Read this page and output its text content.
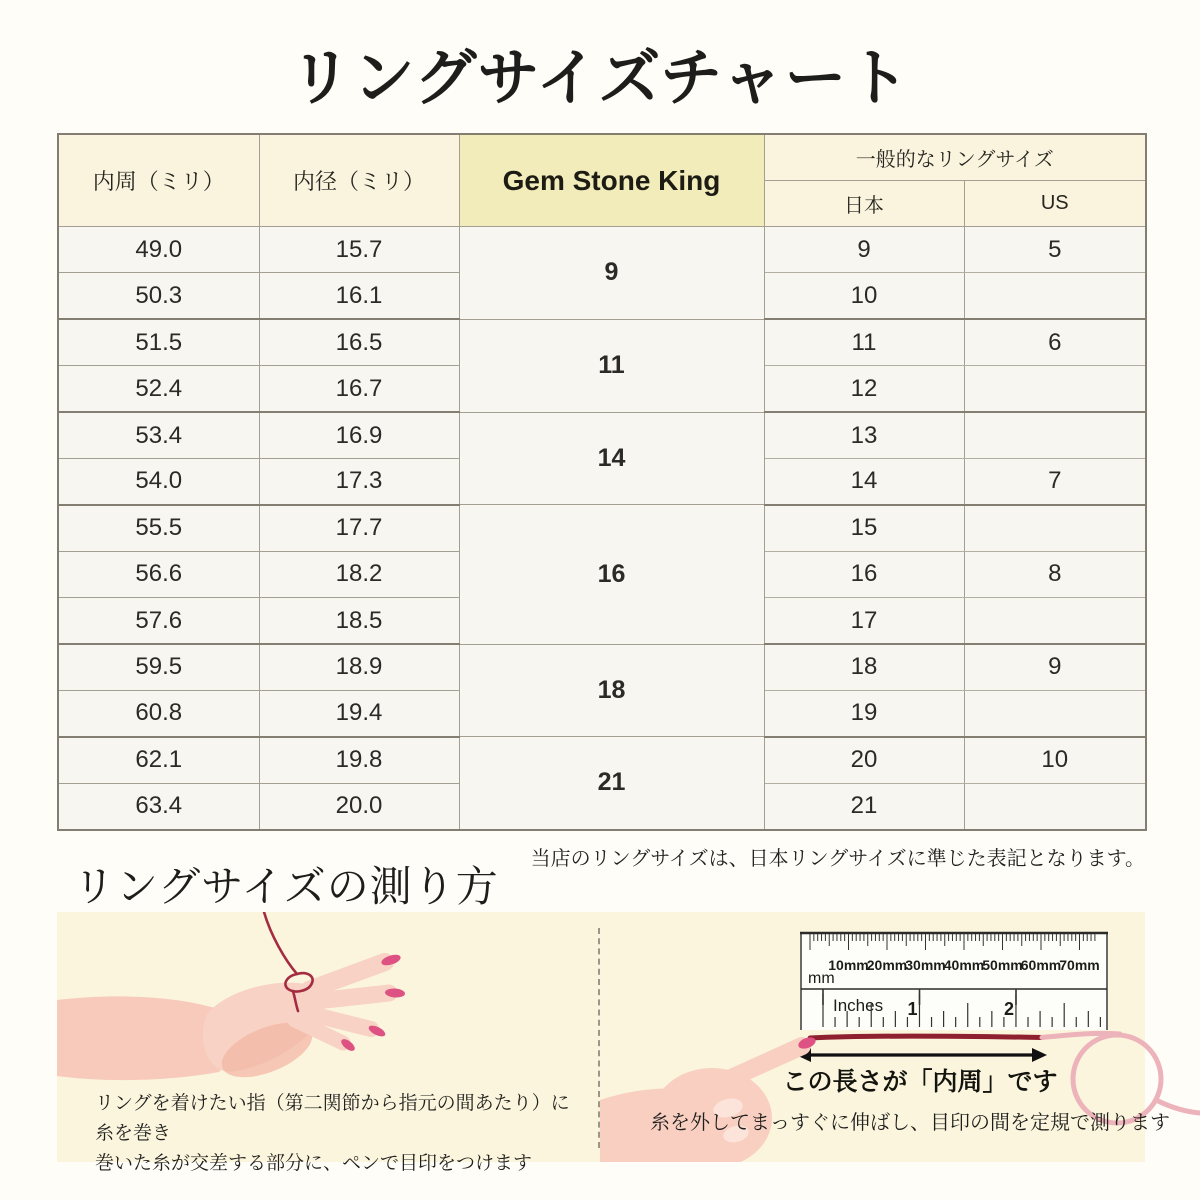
リングサイズチャート
内周（ミリ）	内径（ミリ）	Gem Stone King	一般的なリングサイズ	
			日本	US
49.0	15.7	9	9	5
50.3	16.1		10	
51.5	16.5	11	11	6
52.4	16.7		12	
53.4	16.9	14	13	
54.0	17.3		14	7
55.5	17.7	16	15	
56.6	18.2		16	8
57.6	18.5		17	
59.5	18.9	18	18	9
60.8	19.4		19	
62.1	19.8	21	20	10
63.4	20.0		21	
当店のリングサイズは、日本リングサイズに準じた表記となります。
リングサイズの測り方
10mm
20mm
30mm
40mm
50mm
60mm
70mm
mm
Inches 1	2
リングを着けたい指（第二関節から指元の間あたり）に糸を巻き
巻いた糸が交差する部分に、ペンで目印をつけます
この長さが「内周」です
糸を外してまっすぐに伸ばし、目印の間を定規で測ります
